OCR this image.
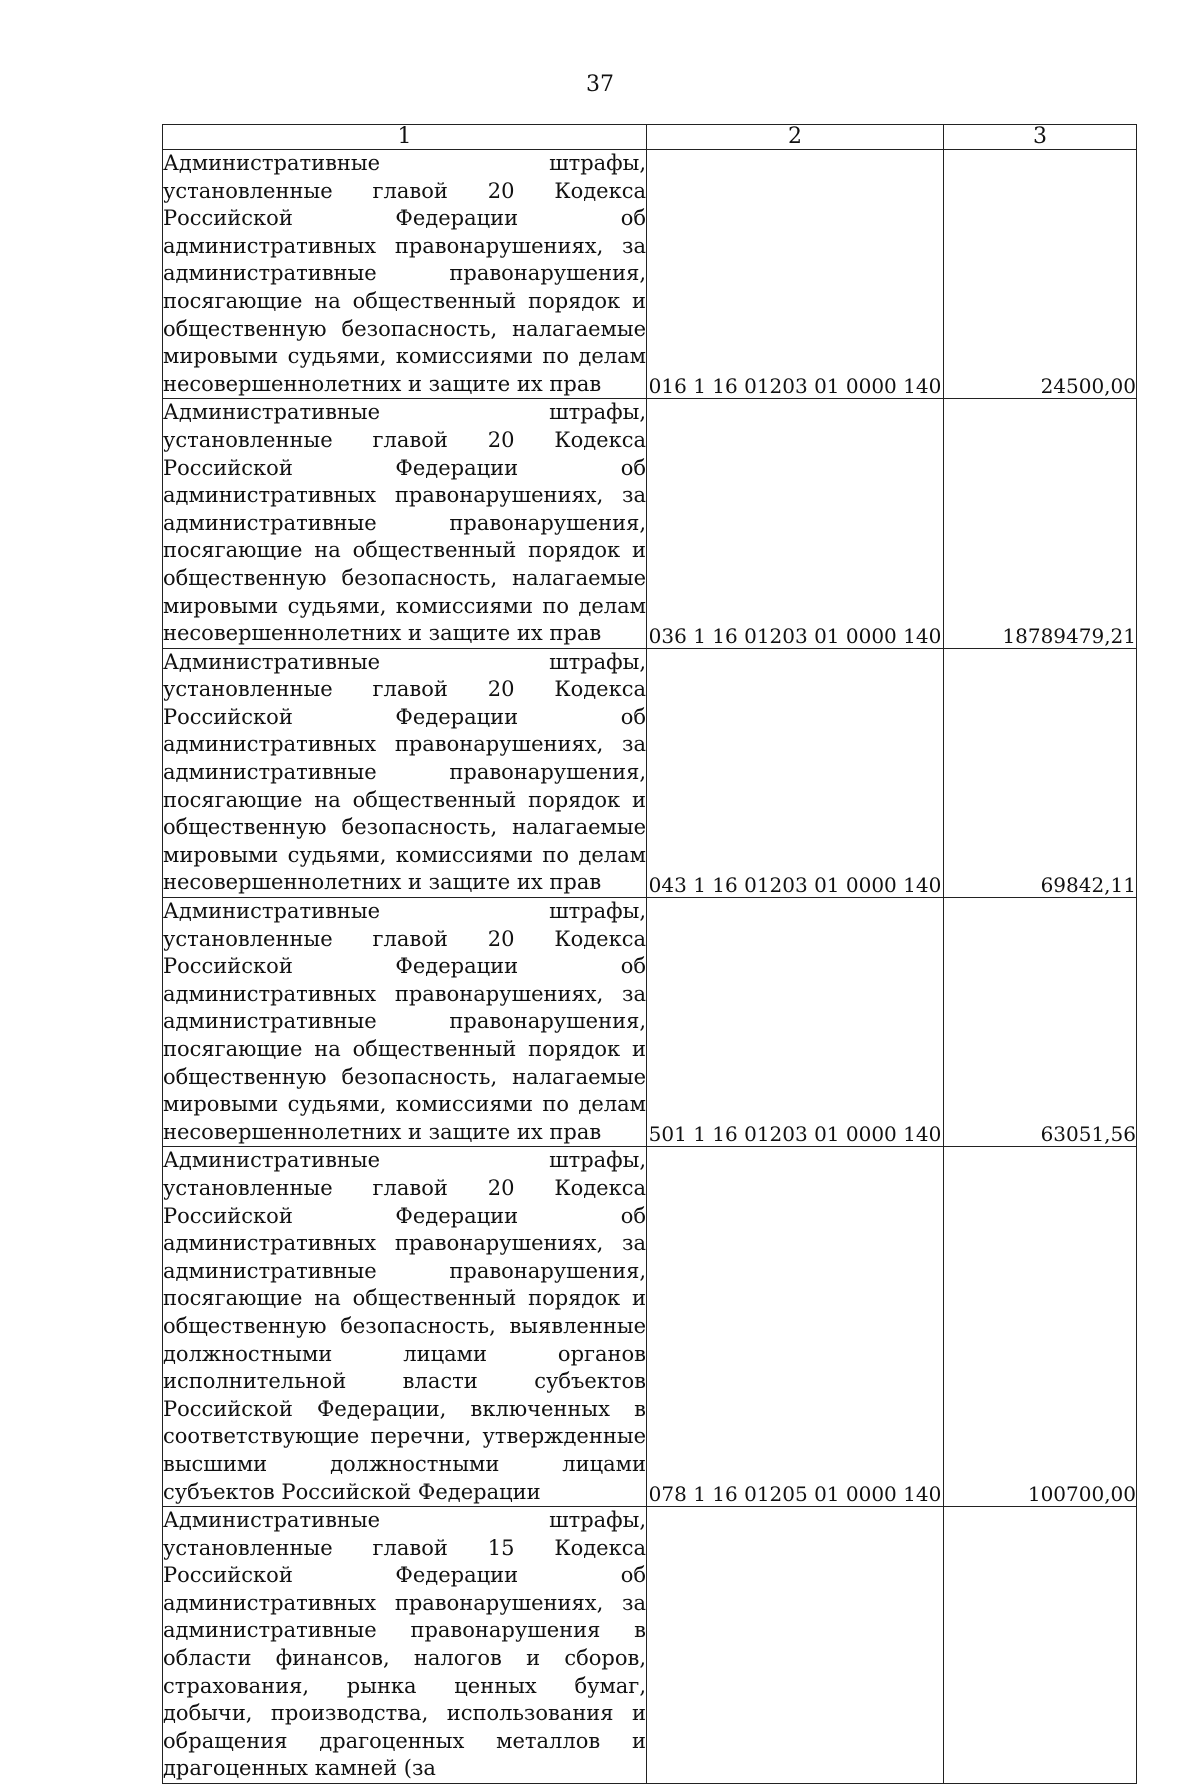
37
1	2	3
Административные штрафы, установленные главой 20 Кодекса Российской Федерации об административных правонарушениях, за административные правонарушения, посягающие на общественный порядок и общественную безопасность, налагаемые мировыми судьями, комиссиями по делам несовершеннолетних и защите их прав	016 1 16 01203 01 0000 140	24500,00
Административные штрафы, установленные главой 20 Кодекса Российской Федерации об административных правонарушениях, за административные правонарушения, посягающие на общественный порядок и общественную безопасность, налагаемые мировыми судьями, комиссиями по делам несовершеннолетних и защите их прав	036 1 16 01203 01 0000 140	18789479,21
Административные штрафы, установленные главой 20 Кодекса Российской Федерации об административных правонарушениях, за административные правонарушения, посягающие на общественный порядок и общественную безопасность, налагаемые мировыми судьями, комиссиями по делам несовершеннолетних и защите их прав	043 1 16 01203 01 0000 140	69842,11
Административные штрафы, установленные главой 20 Кодекса Российской Федерации об административных правонарушениях, за административные правонарушения, посягающие на общественный порядок и общественную безопасность, налагаемые мировыми судьями, комиссиями по делам несовершеннолетних и защите их прав	501 1 16 01203 01 0000 140	63051,56
Административные штрафы, установленные главой 20 Кодекса Российской Федерации об административных правонарушениях, за административные правонарушения, посягающие на общественный порядок и общественную безопасность, выявленные должностными лицами органов исполнительной власти субъектов Российской Федерации, включенных в соответствующие перечни, утвержденные высшими должностными лицами субъектов Российской Федерации	078 1 16 01205 01 0000 140	100700,00
Административные штрафы, установленные главой 15 Кодекса Российской Федерации об административных правонарушениях, за административные правонарушения в области финансов, налогов и сборов, страхования, рынка ценных бумаг, добычи, производства, использования и обращения драгоценных металлов и драгоценных камней (за		
